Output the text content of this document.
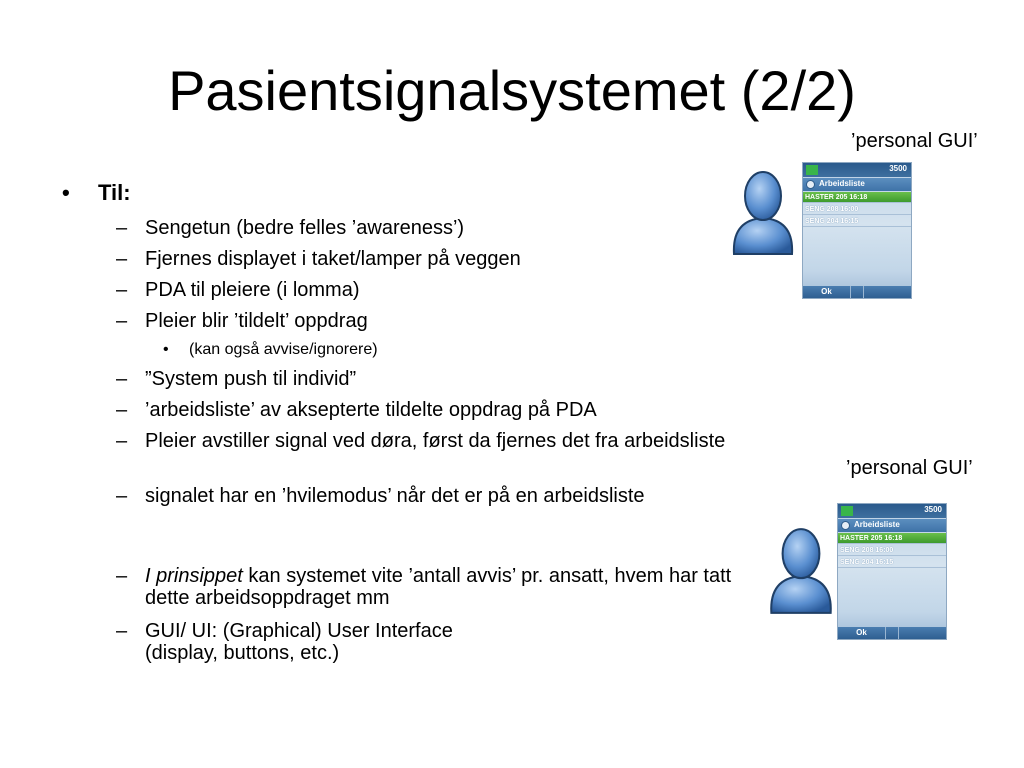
Pasientsignalsystemet (2/2)
’personal GUI’
’personal GUI’
• Til:
– Sengetun (bedre felles ’awareness’)
– Fjernes displayet i taket/lamper på veggen
– PDA til pleiere (i lomma)
– Pleier blir ’tildelt’ oppdrag
• (kan også avvise/ignorere)
– ”System push til individ”
– ’arbeidsliste’ av aksepterte tildelte oppdrag på PDA
– Pleier avstiller signal ved døra, først da fjernes det fra arbeidsliste
– signalet har en ’hvilemodus’ når det er på en arbeidsliste
– I prinsippet kan systemet vite ’antall avvis’ pr. ansatt, hvem har tatt dette arbeidsoppdraget mm
– GUI/ UI: (Graphical) User Interface
(display, buttons, etc.)
3500
Arbeidsliste
HASTER 205 16:18
SENG 208 16:00
SENG 204 16:15
Ok
3500
Arbeidsliste
HASTER 205 16:18
SENG 208 16:00
SENG 204 16:15
Ok
